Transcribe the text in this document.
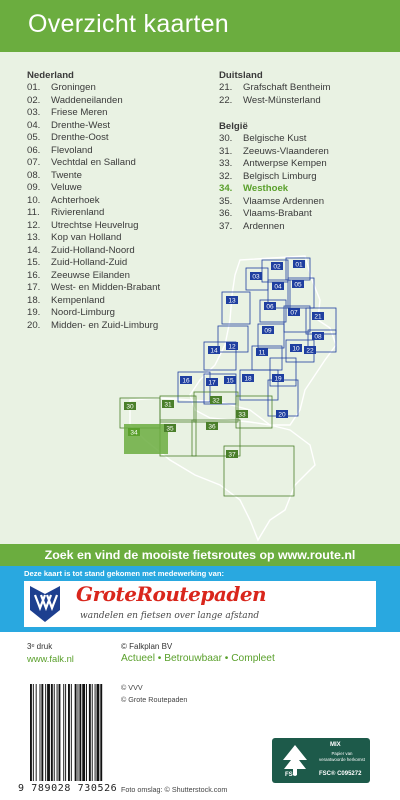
Overzicht kaarten
Nederland
01. Groningen
02. Waddeneilanden
03. Friese Meren
04. Drenthe-West
05. Drenthe-Oost
06. Flevoland
07. Vechtdal en Salland
08. Twente
09. Veluwe
10. Achterhoek
11. Rivierenland
12. Utrechtse Heuvelrug
13. Kop van Holland
14. Zuid-Holland-Noord
15. Zuid-Holland-Zuid
16. Zeeuwse Eilanden
17. West- en Midden-Brabant
18. Kempenland
19. Noord-Limburg
20. Midden- en Zuid-Limburg
Duitsland
21. Grafschaft Bentheim
22. West-Münsterland
België
30. Belgische Kust
31. Zeeuws-Vlaanderen
33. Antwerpse Kempen
32. Belgisch Limburg
34. Westhoek
35. Vlaamse Ardennen
36. Vlaams-Brabant
37. Ardennen
02 01
03
04 05
06
07
21
08
09
22
10
11
12
13
14
15
16	17
18	19
20
30	31
32
33
34
35	36
37
Zoek en vind de mooiste fietsroutes op www.route.nl
Deze kaart is tot stand gekomen met medewerking van:
GroteRoutepaden
wandelen en fietsen over lange afstand
3ᵉ druk
www.falk.nl
© Falkplan BV
Actueel • Betrouwbaar • Compleet
9 789028 730526
© VVV
© Grote Routepaden
Foto omslag: © Shutterstock.com
FSC
MIX
Papier van verantwoorde herkomst
FSC® C095272
